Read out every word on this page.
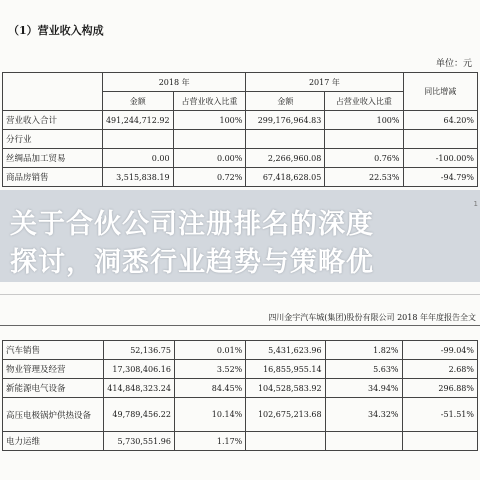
（1）营业收入构成
单位：元
	2018 年		2017 年		同比增减
	金额	占营业收入比重	金额	占营业收入比重	
营业收入合计	491,244,712.92	100%	299,176,964.83	100%	64.20%
分行业					
丝绸品加工贸易	0.00	0.00%	2,266,960.08	0.76%	-100.00%
商品房销售	3,515,838.19	0.72%	67,418,628.05	22.53%	-94.79%
关于合伙公司注册排名的深度
探讨，洞悉行业趋势与策略优
1
四川金宇汽车城(集团)股份有限公司 2018 年年度报告全文
汽车销售	52,136.75	0.01%	5,431,623.96	1.82%	-99.04%
物业管理及经营	17,308,406.16	3.52%	16,855,955.14	5.63%	2.68%
新能源电气设备	414,848,323.24	84.45%	104,528,583.92	34.94%	296.88%
高压电极锅炉供热设备	49,789,456.22	10.14%	102,675,213.68	34.32%	-51.51%
电力运维	5,730,551.96	1.17%			
